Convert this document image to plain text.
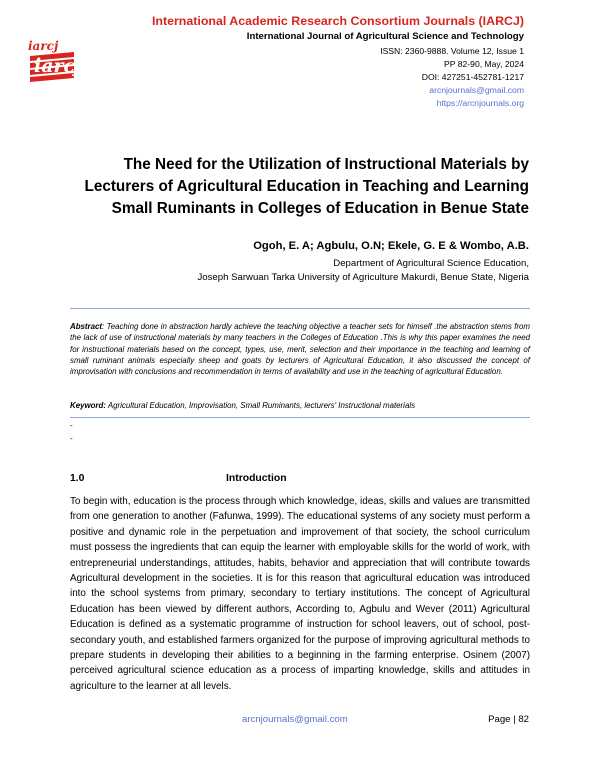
iarcj
iarcj
International Academic Research Consortium Journals (IARCJ)
International Journal of Agricultural Science and Technology
ISSN: 2360-9888. Volume 12, Issue 1
PP 82-90, May, 2024
DOI: 427251-452781-1217
arcnjournals@gmail.com
https://arcnjournals.org
The Need for the Utilization of Instructional Materials by
Lecturers of Agricultural Education in Teaching and Learning
Small Ruminants in Colleges of Education in Benue State
Ogoh, E. A; Agbulu, O.N; Ekele, G. E & Wombo, A.B.
Department of Agricultural Science Education,
Joseph Sarwuan Tarka University of Agriculture Makurdi, Benue State, Nigeria
Abstract: Teaching done in abstraction hardly achieve the teaching objective a teacher sets for himself .the abstraction stems from the lack of use of instructional materials by many teachers in the Colleges of Education .This is why this paper examines the need for instructional materials based on the concept, types, use, merit, selection and their importance in the teaching and learning of small ruminant animals especially sheep and goats by lecturers of Agricultural Education, it also discussed the concept of improvisation with conclusions and recommendation in terms of availability and use in the teaching of agricultural Education.
Keyword: Agricultural Education, Improvisation, Small Ruminants, lecturers' Instructional materials
-
-
1.0	Introduction
To begin with, education is the process through which knowledge, ideas, skills and values are transmitted from one generation to another (Fafunwa, 1999). The educational systems of any society must perform a positive and dynamic role in the perpetuation and improvement of that society, the school curriculum must possess the ingredients that can equip the learner with employable skills for the world of work, with entrepreneurial understandings, attitudes, habits, behavior and appreciation that will contribute towards Agricultural development in the societies. It is for this reason that agricultural education was introduced into the school systems from primary, secondary to tertiary institutions. The concept of Agricultural Education has been viewed by different authors, According to, Agbulu and Wever (2011) Agricultural Education is defined as a systematic programme of instruction for school leavers, out of school, post-secondary youth, and established farmers organized for the purpose of improving agricultural methods to prepare students in developing their abilities to a beginning in the farming enterprise. Osinem (2007) perceived agricultural science education as a process of imparting knowledge, skills and attitudes in agriculture to the learner at all levels.
arcnjournals@gmail.com	Page | 82
